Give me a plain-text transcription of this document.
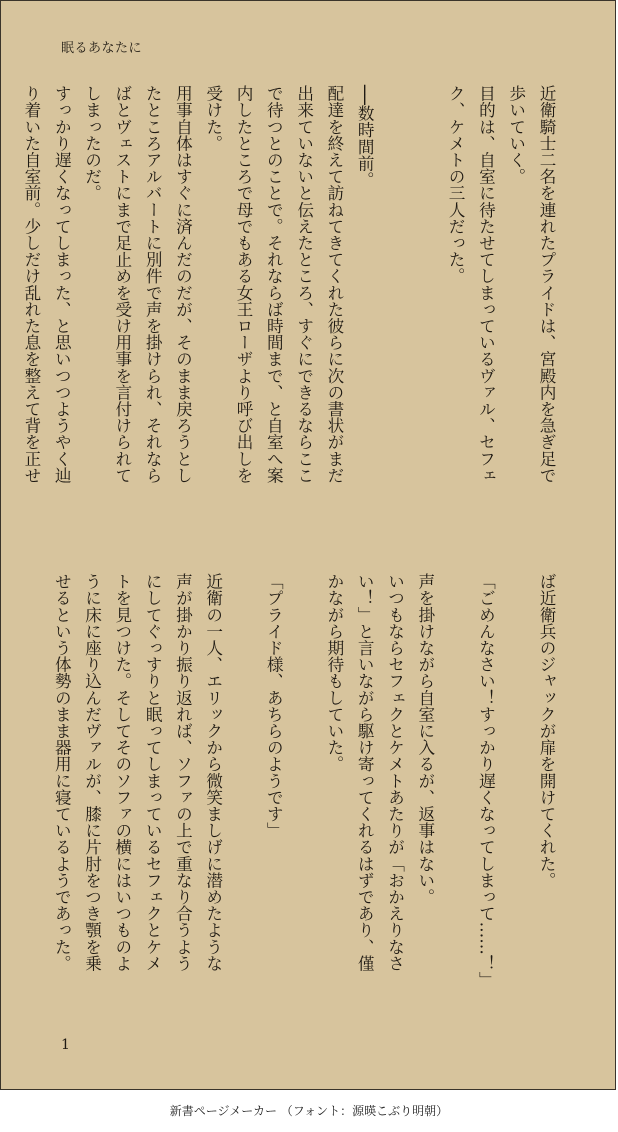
眠るあなたに
近衛騎士二名を連れたプライドは、宮殿内を急ぎ足で
歩いていく。
目的は、自室に待たせてしまっているヴァル、セフェ
ク、ケメトの三人だった。

──数時間前。
配達を終えて訪ねてきてくれた彼らに次の書状がまだ
出来ていないと伝えたところ、すぐにできるならここ
で待つとのことで。それならば時間まで、と自室へ案
内したところで母でもある女王ローザより呼び出しを
受けた。
用事自体はすぐに済んだのだが、そのまま戻ろうとし
たところアルバートに別件で声を掛けられ、それなら
ばとヴェストにまで足止めを受け用事を言付けられて
しまったのだ。
すっかり遅くなってしまった、と思いつつようやく辿
り着いた自室前。少しだけ乱れた息を整えて背を正せ
ば近衛兵のジャックが扉を開けてくれた。

「ごめんなさい！すっかり遅くなってしまって……！」

声を掛けながら自室に入るが、返事はない。
いつもならセフェクとケメトあたりが「おかえりなさ
い！」と言いながら駆け寄ってくれるはずであり、僅
かながら期待もしていた。

「プライド様、あちらのようです」

近衛の一人、エリックから微笑ましげに潜めたような
声が掛かり振り返れば、ソファの上で重なり合うよう
にしてぐっすりと眠ってしまっているセフェクとケメ
トを見つけた。そしてそのソファの横にはいつものよ
うに床に座り込んだヴァルが、膝に片肘をつき顎を乗
せるという体勢のまま器用に寝ているようであった。
1
新書ページメーカー （フォント：源暎こぶり明朝）
